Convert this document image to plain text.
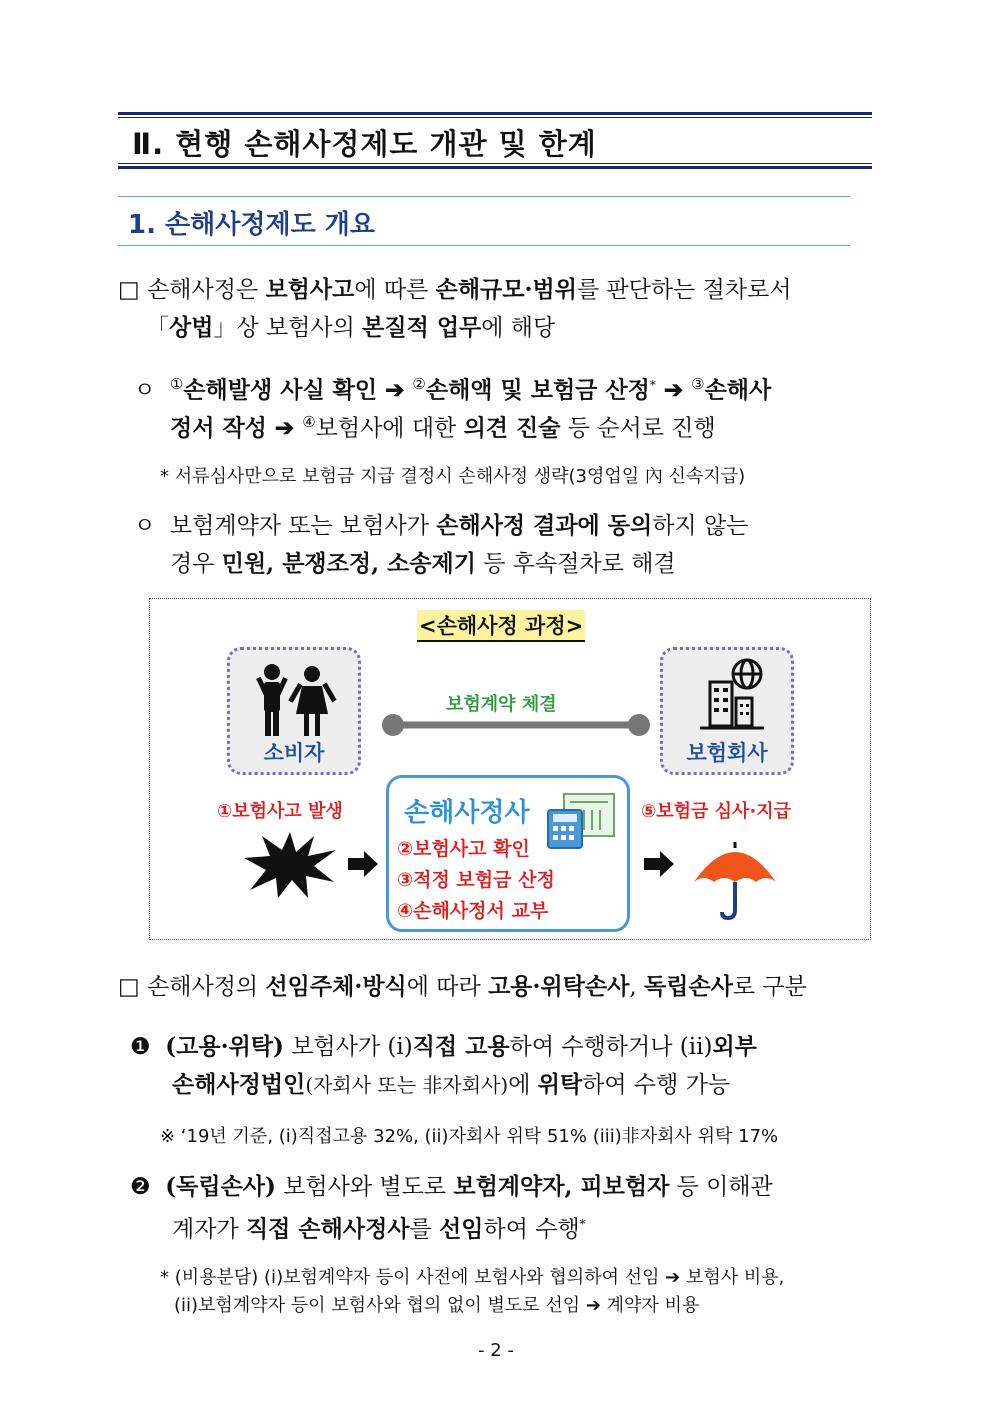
Ⅱ. 현행 손해사정제도 개관 및 한계
1. 손해사정제도 개요
□ 손해사정은 보험사고에 따른 손해규모·범위를 판단하는 절차로서
「상법」상 보험사의 본질적 업무에 해당
ㅇ ①손해발생 사실 확인 ➔ ②손해액 및 보험금 산정* ➔ ③손해사
정서 작성 ➔ ④보험사에 대한 의견 진술 등 순서로 진행
* 서류심사만으로 보험금 지급 결정시 손해사정 생략(3영업일 內 신속지급)
ㅇ 보험계약자 또는 보험사가 손해사정 결과에 동의하지 않는
경우 민원, 분쟁조정, 소송제기 등 후속절차로 해결
<손해사정 과정>
소비자	보험회사
보험계약 체결
①보험사고 발생	⑤보험금 심사·지급
손해사정사
②보험사고 확인
③적정 보험금 산정
④손해사정서 교부
□ 손해사정의 선임주체·방식에 따라 고용·위탁손사, 독립손사로 구분
❶ (고용·위탁) 보험사가 (i)직접 고용하여 수행하거나 (ii)외부
손해사정법인(자회사 또는 非자회사)에 위탁하여 수행 가능
※ ‘19년 기준, (i)직접고용 32%, (ii)자회사 위탁 51% (iii)非자회사 위탁 17%
❷ (독립손사) 보험사와 별도로 보험계약자, 피보험자 등 이해관
계자가 직접 손해사정사를 선임하여 수행*
* (비용분담) (i)보험계약자 등이 사전에 보험사와 협의하여 선임 ➔ 보험사 비용,
(ii)보험계약자 등이 보험사와 협의 없이 별도로 선임 ➔ 계약자 비용
- 2 -
